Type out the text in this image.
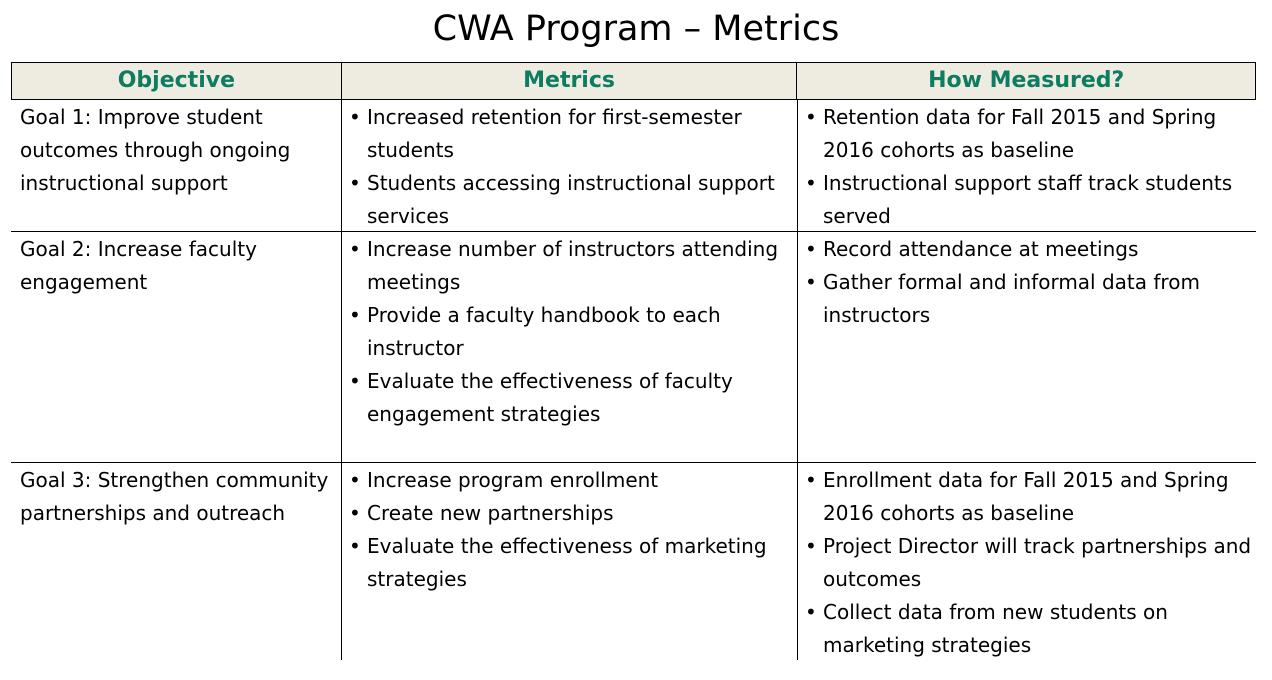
CWA Program – Metrics
Objective	Metrics	How Measured?
Goal 1: Improve student outcomes through ongoing instructional support
• Increased retention for first-semester students
• Students accessing instructional support services
• Retention data for Fall 2015 and Spring 2016 cohorts as baseline
• Instructional support staff track students served
Goal 2: Increase faculty engagement
• Increase number of instructors attending meetings
• Provide a faculty handbook to each instructor
• Evaluate the effectiveness of faculty engagement strategies
• Record attendance at meetings
• Gather formal and informal data from instructors
Goal 3: Strengthen community partnerships and outreach
• Increase program enrollment
• Create new partnerships
• Evaluate the effectiveness of marketing strategies
• Enrollment data for Fall 2015 and Spring 2016 cohorts as baseline
• Project Director will track partnerships and outcomes
• Collect data from new students on marketing strategies
